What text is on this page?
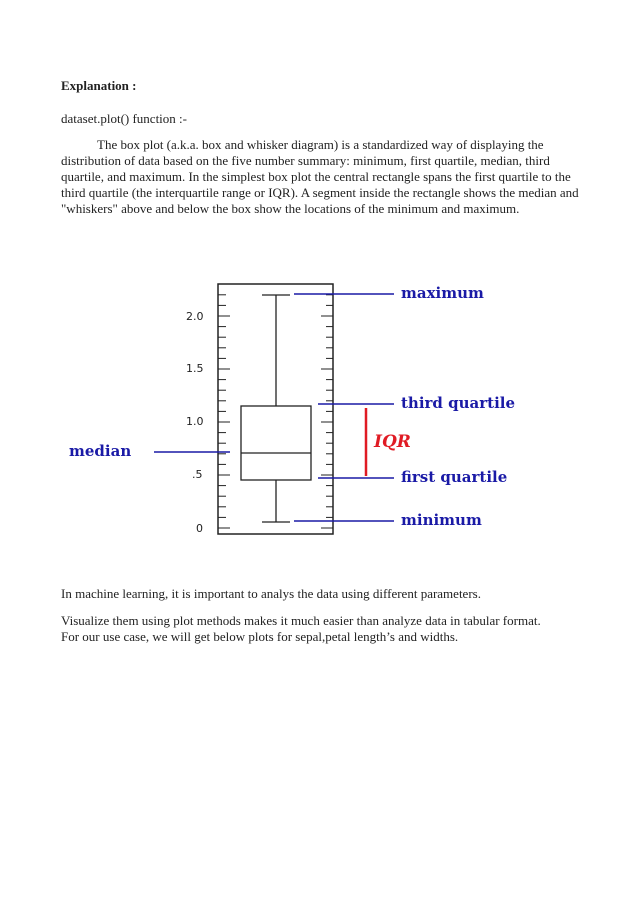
Explanation :

dataset.plot() function :-

The box plot (a.k.a. box and whisker diagram) is a standardized way of displaying the distribution of data based on the five number summary: minimum, first quartile, median, third quartile, and maximum. In the simplest box plot the central rectangle spans the first quartile to the third quartile (the interquartile range or IQR). A segment inside the rectangle shows the median and "whiskers" above and below the box show the locations of the minimum and maximum.

0
.5
1.0
1.5
2.0
maximum
third quartile
IQR
first quartile
minimum
median

In machine learning, it is important to analys the data using different parameters.

Visualize them using plot methods makes it much easier than analyze data in tabular format.
For our use case, we will get below plots for sepal,petal length’s and widths.
